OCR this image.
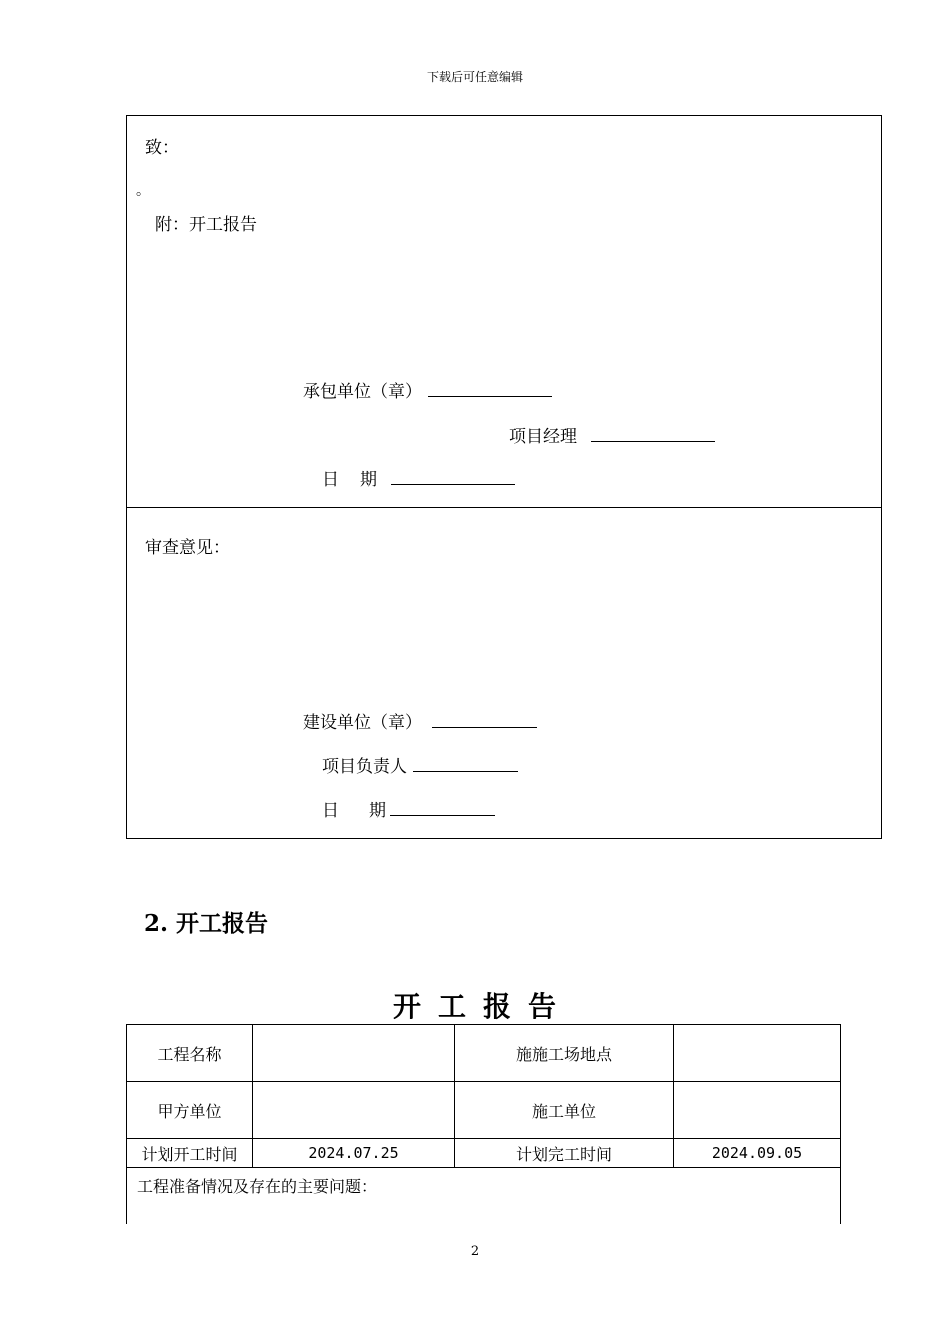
下载后可任意编辑
致：
。
附：开工报告
承包单位（章）
项目经理
日 期
审查意见：
建设单位（章）
项目负责人
日 期
2. 开工报告
开 工 报 告
工程名称		施施工场地点	
甲方单位		施工单位	
计划开工时间	2024.07.25	计划完工时间	2024.09.05
工程准备情况及存在的主要问题：			
2
